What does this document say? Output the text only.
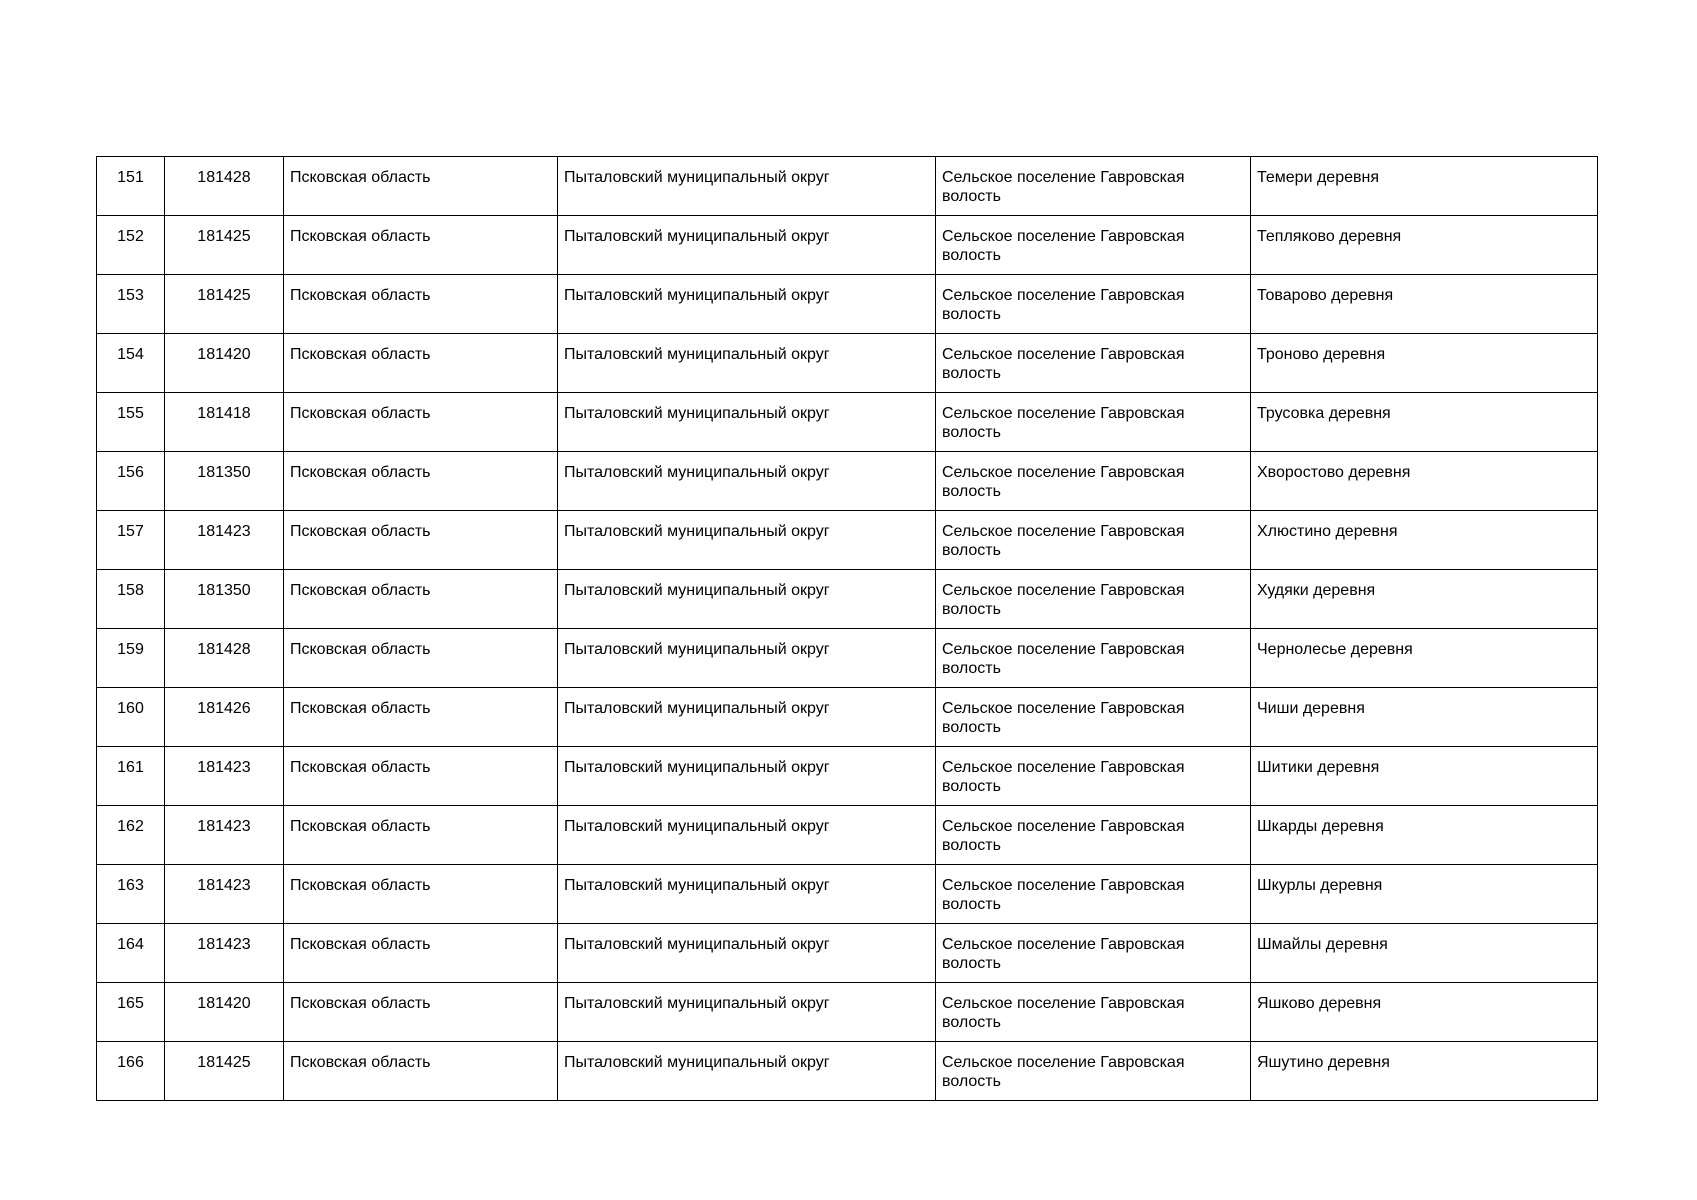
151	181428	Псковская область	Пыталовский муниципальный округ	Сельское поселение Гавровская волость	Темери деревня
152	181425	Псковская область	Пыталовский муниципальный округ	Сельское поселение Гавровская волость	Тепляково деревня
153	181425	Псковская область	Пыталовский муниципальный округ	Сельское поселение Гавровская волость	Товарово деревня
154	181420	Псковская область	Пыталовский муниципальный округ	Сельское поселение Гавровская волость	Троново деревня
155	181418	Псковская область	Пыталовский муниципальный округ	Сельское поселение Гавровская волость	Трусовка деревня
156	181350	Псковская область	Пыталовский муниципальный округ	Сельское поселение Гавровская волость	Хворостово деревня
157	181423	Псковская область	Пыталовский муниципальный округ	Сельское поселение Гавровская волость	Хлюстино деревня
158	181350	Псковская область	Пыталовский муниципальный округ	Сельское поселение Гавровская волость	Худяки деревня
159	181428	Псковская область	Пыталовский муниципальный округ	Сельское поселение Гавровская волость	Чернолесье деревня
160	181426	Псковская область	Пыталовский муниципальный округ	Сельское поселение Гавровская волость	Чиши деревня
161	181423	Псковская область	Пыталовский муниципальный округ	Сельское поселение Гавровская волость	Шитики деревня
162	181423	Псковская область	Пыталовский муниципальный округ	Сельское поселение Гавровская волость	Шкарды деревня
163	181423	Псковская область	Пыталовский муниципальный округ	Сельское поселение Гавровская волость	Шкурлы деревня
164	181423	Псковская область	Пыталовский муниципальный округ	Сельское поселение Гавровская волость	Шмайлы деревня
165	181420	Псковская область	Пыталовский муниципальный округ	Сельское поселение Гавровская волость	Яшково деревня
166	181425	Псковская область	Пыталовский муниципальный округ	Сельское поселение Гавровская волость	Яшутино деревня
